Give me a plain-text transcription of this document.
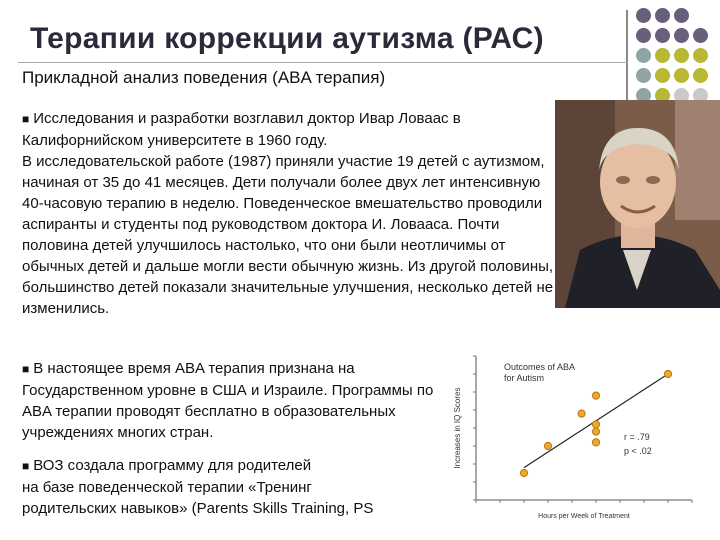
Терапии коррекции аутизма (РАС)
Прикладной анализ поведения (ABA терапия)
■ Исследования и разработки возглавил доктор Ивар Ловаас в Калифорнийском университете в 1960 году.
В исследовательской работе (1987) приняли участие 19 детей с аутизмом, начиная от 35 до 41 месяцев. Дети получали более двух лет интенсивную 40-часовую терапию в неделю. Поведенческое вмешательство проводили аспиранты и студенты под руководством доктора И. Ловааса. Почти половина детей улучшилось настолько, что они были неотличимы от обычных детей и дальше могли вести обычную жизнь. Из другой половины, большинство детей показали значительные улучшения, несколько детей не изменились.
■ В настоящее время ABA терапия признана на Государственном уровне в США и Израиле. Программы по ABA терапии проводят бесплатно в образовательных учреждениях многих стран.
■ ВОЗ создала программу для родителей
на базе поведенческой терапии «Тренинг
родительских навыков» (Parents Skills Training, PS
Outcomes of ABA
for Autism
Increases in IQ Scores
Hours per Week of Treatment
r = .79
p < .02
